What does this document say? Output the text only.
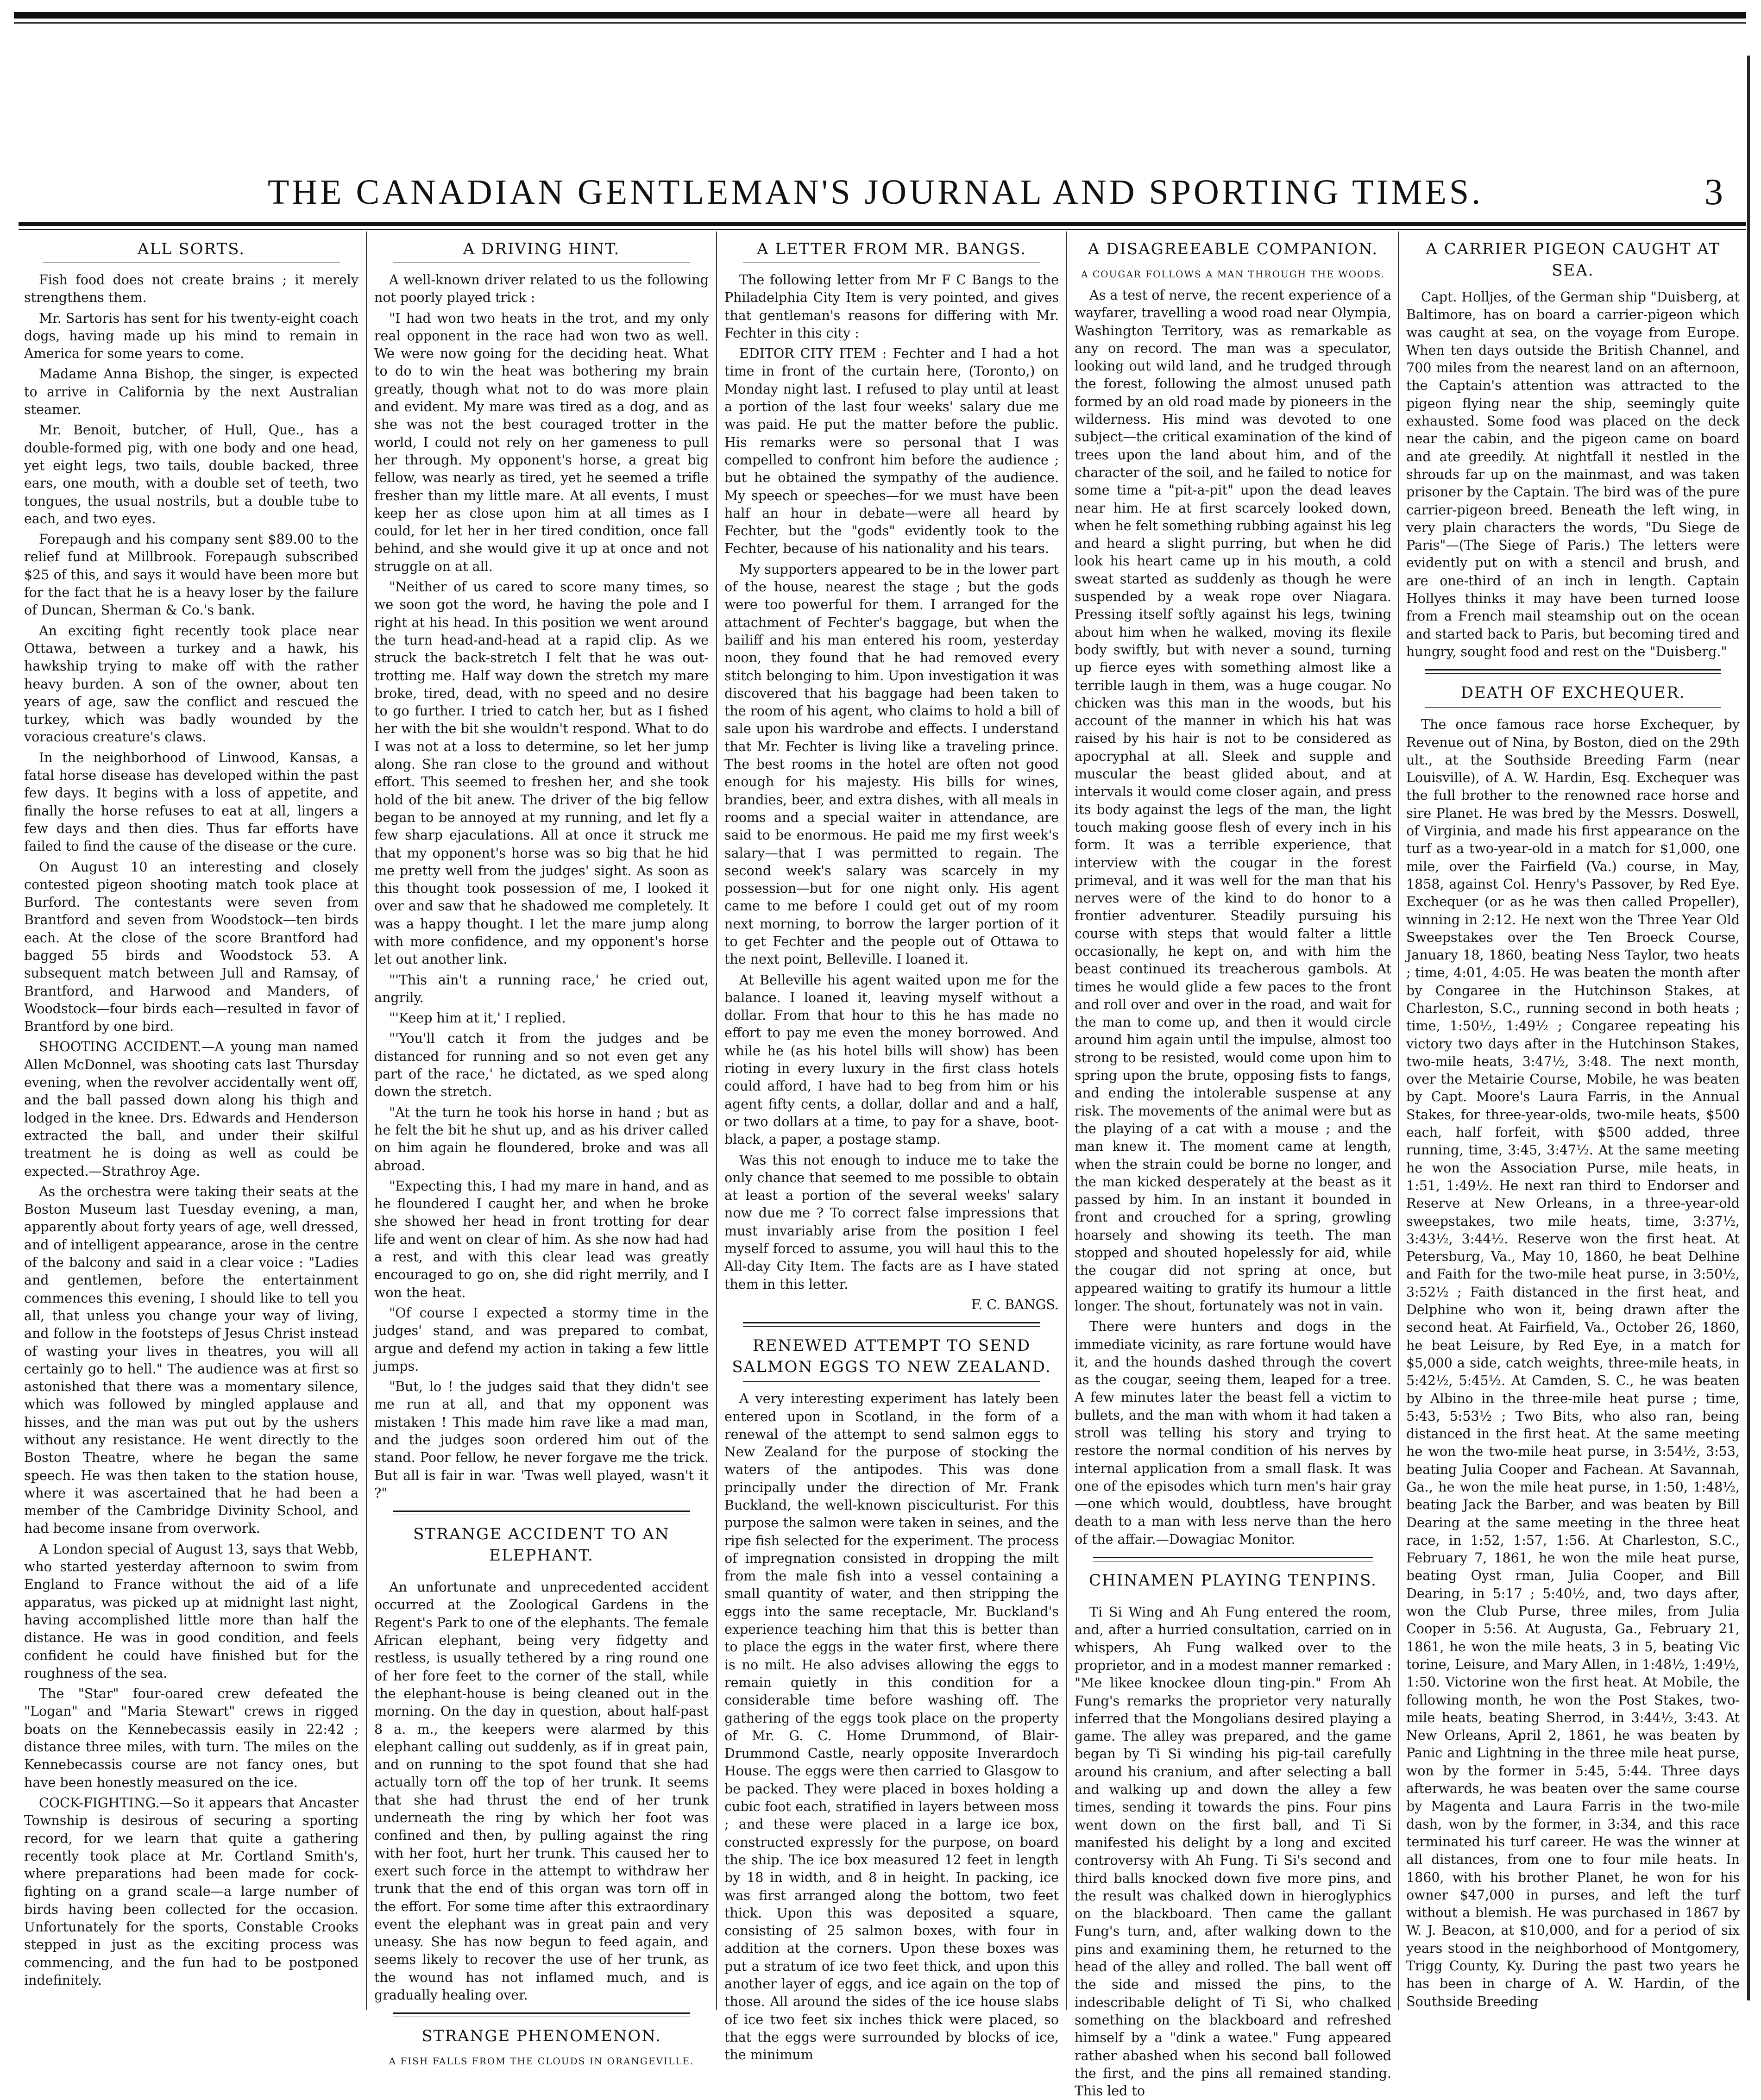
THE CANADIAN GENTLEMAN'S JOURNAL AND SPORTING TIMES.	3
ALL SORTS.

Fish food does not create brains ; it merely strengthens them.

Mr. Sartoris has sent for his twenty-eight coach dogs, having made up his mind to remain in America for some years to come.

Madame Anna Bishop, the singer, is expected to arrive in California by the next Australian steamer.

Mr. Benoit, butcher, of Hull, Que., has a double-formed pig, with one body and one head, yet eight legs, two tails, double backed, three ears, one mouth, with a double set of teeth, two tongues, the usual nostrils, but a double tube to each, and two eyes.

Forepaugh and his company sent $89.00 to the relief fund at Millbrook. Forepaugh subscribed $25 of this, and says it would have been more but for the fact that he is a heavy loser by the failure of Duncan, Sherman & Co.'s bank.

An exciting fight recently took place near Ottawa, between a turkey and a hawk, his hawkship trying to make off with the rather heavy burden. A son of the owner, about ten years of age, saw the conflict and rescued the turkey, which was badly wounded by the voracious creature's claws.

In the neighborhood of Linwood, Kansas, a fatal horse disease has developed within the past few days. It begins with a loss of appetite, and finally the horse refuses to eat at all, lingers a few days and then dies. Thus far efforts have failed to find the cause of the disease or the cure.

On August 10 an interesting and closely contested pigeon shooting match took place at Burford. The contestants were seven from Brantford and seven from Woodstock—ten birds each. At the close of the score Brantford had bagged 55 birds and Woodstock 53. A subsequent match between Jull and Ramsay, of Brantford, and Harwood and Manders, of Woodstock—four birds each—resulted in favor of Brantford by one bird.

SHOOTING ACCIDENT.—A young man named Allen McDonnel, was shooting cats last Thursday evening, when the revolver accidentally went off, and the ball passed down along his thigh and lodged in the knee. Drs. Edwards and Henderson extracted the ball, and under their skilful treatment he is doing as well as could be expected.—Strathroy Age.

As the orchestra were taking their seats at the Boston Museum last Tuesday evening, a man, apparently about forty years of age, well dressed, and of intelligent appearance, arose in the centre of the balcony and said in a clear voice : "Ladies and gentlemen, before the entertainment commences this evening, I should like to tell you all, that unless you change your way of living, and follow in the footsteps of Jesus Christ instead of wasting your lives in theatres, you will all certainly go to hell." The audience was at first so astonished that there was a momentary silence, which was followed by mingled applause and hisses, and the man was put out by the ushers without any resistance. He went directly to the Boston Theatre, where he began the same speech. He was then taken to the station house, where it was ascertained that he had been a member of the Cambridge Divinity School, and had become insane from overwork.

A London special of August 13, says that Webb, who started yesterday afternoon to swim from England to France without the aid of a life apparatus, was picked up at midnight last night, having accomplished little more than half the distance. He was in good condition, and feels confident he could have finished but for the roughness of the sea.

The "Star" four-oared crew defeated the "Logan" and "Maria Stewart" crews in rigged boats on the Kennebecassis easily in 22:42 ; distance three miles, with turn. The miles on the Kennebecassis course are not fancy ones, but have been honestly measured on the ice.

COCK-FIGHTING.—So it appears that Ancaster Township is desirous of securing a sporting record, for we learn that quite a gathering recently took place at Mr. Cortland Smith's, where preparations had been made for cock-fighting on a grand scale—a large number of birds having been collected for the occasion. Unfortunately for the sports, Constable Crooks stepped in just as the exciting process was commencing, and the fun had to be postponed indefinitely.

A DRIVING HINT.

A well-known driver related to us the following not poorly played trick :

"I had won two heats in the trot, and my only real opponent in the race had won two as well. We were now going for the deciding heat. What to do to win the heat was bothering my brain greatly, though what not to do was more plain and evident. My mare was tired as a dog, and as she was not the best couraged trotter in the world, I could not rely on her gameness to pull her through. My opponent's horse, a great big fellow, was nearly as tired, yet he seemed a trifle fresher than my little mare. At all events, I must keep her as close upon him at all times as I could, for let her in her tired condition, once fall behind, and she would give it up at once and not struggle on at all.

"Neither of us cared to score many times, so we soon got the word, he having the pole and I right at his head. In this position we went around the turn head-and-head at a rapid clip. As we struck the back-stretch I felt that he was out-trotting me. Half way down the stretch my mare broke, tired, dead, with no speed and no desire to go further. I tried to catch her, but as I fished her with the bit she wouldn't respond. What to do I was not at a loss to determine, so let her jump along. She ran close to the ground and without effort. This seemed to freshen her, and she took hold of the bit anew. The driver of the big fellow began to be annoyed at my running, and let fly a few sharp ejaculations. All at once it struck me that my opponent's horse was so big that he hid me pretty well from the judges' sight. As soon as this thought took possession of me, I looked it over and saw that he shadowed me completely. It was a happy thought. I let the mare jump along with more confidence, and my opponent's horse let out another link.

"'This ain't a running race,' he cried out, angrily.

"'Keep him at it,' I replied.

"'You'll catch it from the judges and be distanced for running and so not even get any part of the race,' he dictated, as we sped along down the stretch.

"At the turn he took his horse in hand ; but as he felt the bit he shut up, and as his driver called on him again he floundered, broke and was all abroad.

"Expecting this, I had my mare in hand, and as he floundered I caught her, and when he broke she showed her head in front trotting for dear life and went on clear of him. As she now had had a rest, and with this clear lead was greatly encouraged to go on, she did right merrily, and I won the heat.

"Of course I expected a stormy time in the judges' stand, and was prepared to combat, argue and defend my action in taking a few little jumps.

"But, lo ! the judges said that they didn't see me run at all, and that my opponent was mistaken ! This made him rave like a mad man, and the judges soon ordered him out of the stand. Poor fellow, he never forgave me the trick. But all is fair in war. 'Twas well played, wasn't it ?"

STRANGE ACCIDENT TO AN ELEPHANT.

An unfortunate and unprecedented accident occurred at the Zoological Gardens in the Regent's Park to one of the elephants. The female African elephant, being very fidgetty and restless, is usually tethered by a ring round one of her fore feet to the corner of the stall, while the elephant-house is being cleaned out in the morning. On the day in question, about half-past 8 a. m., the keepers were alarmed by this elephant calling out suddenly, as if in great pain, and on running to the spot found that she had actually torn off the top of her trunk. It seems that she had thrust the end of her trunk underneath the ring by which her foot was confined and then, by pulling against the ring with her foot, hurt her trunk. This caused her to exert such force in the attempt to withdraw her trunk that the end of this organ was torn off in the effort. For some time after this extraordinary event the elephant was in great pain and very uneasy. She has now begun to feed again, and seems likely to recover the use of her trunk, as the wound has not inflamed much, and is gradually healing over.

STRANGE PHENOMENON.
A FISH FALLS FROM THE CLOUDS IN ORANGEVILLE.
A LETTER FROM MR. BANGS.

The following letter from Mr F C Bangs to the Philadelphia City Item is very pointed, and gives that gentleman's reasons for differing with Mr. Fechter in this city :

EDITOR CITY ITEM : Fechter and I had a hot time in front of the curtain here, (Toronto,) on Monday night last. I refused to play until at least a portion of the last four weeks' salary due me was paid. He put the matter before the public. His remarks were so personal that I was compelled to confront him before the audience ; but he obtained the sympathy of the audience. My speech or speeches—for we must have been half an hour in debate—were all heard by Fechter, but the "gods" evidently took to the Fechter, because of his nationality and his tears.

My supporters appeared to be in the lower part of the house, nearest the stage ; but the gods were too powerful for them. I arranged for the attachment of Fechter's baggage, but when the bailiff and his man entered his room, yesterday noon, they found that he had removed every stitch belonging to him. Upon investigation it was discovered that his baggage had been taken to the room of his agent, who claims to hold a bill of sale upon his wardrobe and effects. I understand that Mr. Fechter is living like a traveling prince. The best rooms in the hotel are often not good enough for his majesty. His bills for wines, brandies, beer, and extra dishes, with all meals in rooms and a special waiter in attendance, are said to be enormous. He paid me my first week's salary—that I was permitted to regain. The second week's salary was scarcely in my possession—but for one night only. His agent came to me before I could get out of my room next morning, to borrow the larger portion of it to get Fechter and the people out of Ottawa to the next point, Belleville. I loaned it.

At Belleville his agent waited upon me for the balance. I loaned it, leaving myself without a dollar. From that hour to this he has made no effort to pay me even the money borrowed. And while he (as his hotel bills will show) has been rioting in every luxury in the first class hotels could afford, I have had to beg from him or his agent fifty cents, a dollar, dollar and and a half, or two dollars at a time, to pay for a shave, boot-black, a paper, a postage stamp.

Was this not enough to induce me to take the only chance that seemed to me possible to obtain at least a portion of the several weeks' salary now due me ? To correct false impressions that must invariably arise from the position I feel myself forced to assume, you will haul this to the All-day City Item. The facts are as I have stated them in this letter.

F. C. BANGS.

RENEWED ATTEMPT TO SEND SALMON EGGS TO NEW ZEALAND.

A very interesting experiment has lately been entered upon in Scotland, in the form of a renewal of the attempt to send salmon eggs to New Zealand for the purpose of stocking the waters of the antipodes. This was done principally under the direction of Mr. Frank Buckland, the well-known pisciculturist. For this purpose the salmon were taken in seines, and the ripe fish selected for the experiment. The process of impregnation consisted in dropping the milt from the male fish into a vessel containing a small quantity of water, and then stripping the eggs into the same receptacle, Mr. Buckland's experience teaching him that this is better than to place the eggs in the water first, where there is no milt. He also advises allowing the eggs to remain quietly in this condition for a considerable time before washing off. The gathering of the eggs took place on the property of Mr. G. C. Home Drummond, of Blair-Drummond Castle, nearly opposite Inverardoch House. The eggs were then carried to Glasgow to be packed. They were placed in boxes holding a cubic foot each, stratified in layers between moss ; and these were placed in a large ice box, constructed expressly for the purpose, on board the ship. The ice box measured 12 feet in length by 18 in width, and 8 in height. In packing, ice was first arranged along the bottom, two feet thick. Upon this was deposited a square, consisting of 25 salmon boxes, with four in addition at the corners. Upon these boxes was put a stratum of ice two feet thick, and upon this another layer of eggs, and ice again on the top of those. All around the sides of the ice house slabs of ice two feet six inches thick were placed, so that the eggs were surrounded by blocks of ice, the minimum

A DISAGREEABLE COMPANION.
A COUGAR FOLLOWS A MAN THROUGH THE WOODS.

As a test of nerve, the recent experience of a wayfarer, travelling a wood road near Olympia, Washington Territory, was as remarkable as any on record. The man was a speculator, looking out wild land, and he trudged through the forest, following the almost unused path formed by an old road made by pioneers in the wilderness. His mind was devoted to one subject—the critical examination of the kind of trees upon the land about him, and of the character of the soil, and he failed to notice for some time a "pit-a-pit" upon the dead leaves near him. He at first scarcely looked down, when he felt something rubbing against his leg and heard a slight purring, but when he did look his heart came up in his mouth, a cold sweat started as suddenly as though he were suspended by a weak rope over Niagara. Pressing itself softly against his legs, twining about him when he walked, moving its flexile body swiftly, but with never a sound, turning up fierce eyes with something almost like a terrible laugh in them, was a huge cougar. No chicken was this man in the woods, but his account of the manner in which his hat was raised by his hair is not to be considered as apocryphal at all. Sleek and supple and muscular the beast glided about, and at intervals it would come closer again, and press its body against the legs of the man, the light touch making goose flesh of every inch in his form. It was a terrible experience, that interview with the cougar in the forest primeval, and it was well for the man that his nerves were of the kind to do honor to a frontier adventurer. Steadily pursuing his course with steps that would falter a little occasionally, he kept on, and with him the beast continued its treacherous gambols. At times he would glide a few paces to the front and roll over and over in the road, and wait for the man to come up, and then it would circle around him again until the impulse, almost too strong to be resisted, would come upon him to spring upon the brute, opposing fists to fangs, and ending the intolerable suspense at any risk. The movements of the animal were but as the playing of a cat with a mouse ; and the man knew it. The moment came at length, when the strain could be borne no longer, and the man kicked desperately at the beast as it passed by him. In an instant it bounded in front and crouched for a spring, growling hoarsely and showing its teeth. The man stopped and shouted hopelessly for aid, while the cougar did not spring at once, but appeared waiting to gratify its humour a little longer. The shout, fortunately was not in vain.

There were hunters and dogs in the immediate vicinity, as rare fortune would have it, and the hounds dashed through the covert as the cougar, seeing them, leaped for a tree. A few minutes later the beast fell a victim to bullets, and the man with whom it had taken a stroll was telling his story and trying to restore the normal condition of his nerves by internal application from a small flask. It was one of the episodes which turn men's hair gray—one which would, doubtless, have brought death to a man with less nerve than the hero of the affair.—Dowagiac Monitor.

CHINAMEN PLAYING TENPINS.

Ti Si Wing and Ah Fung entered the room, and, after a hurried consultation, carried on in whispers, Ah Fung walked over to the proprietor, and in a modest manner remarked : "Me likee knockee dloun ting-pin." From Ah Fung's remarks the proprietor very naturally inferred that the Mongolians desired playing a game. The alley was prepared, and the game began by Ti Si winding his pig-tail carefully around his cranium, and after selecting a ball and walking up and down the alley a few times, sending it towards the pins. Four pins went down on the first ball, and Ti Si manifested his delight by a long and excited controversy with Ah Fung. Ti Si's second and third balls knocked down five more pins, and the result was chalked down in hieroglyphics on the blackboard. Then came the gallant Fung's turn, and, after walking down to the pins and examining them, he returned to the head of the alley and rolled. The ball went off the side and missed the pins, to the indescribable delight of Ti Si, who chalked something on the blackboard and refreshed himself by a "dink a watee." Fung appeared rather abashed when his second ball followed the first, and the pins all remained standing. This led to

A CARRIER PIGEON CAUGHT AT SEA.

Capt. Holljes, of the German ship "Duisberg, at Baltimore, has on board a carrier-pigeon which was caught at sea, on the voyage from Europe. When ten days outside the British Channel, and 700 miles from the nearest land on an afternoon, the Captain's attention was attracted to the pigeon flying near the ship, seemingly quite exhausted. Some food was placed on the deck near the cabin, and the pigeon came on board and ate greedily. At nightfall it nestled in the shrouds far up on the mainmast, and was taken prisoner by the Captain. The bird was of the pure carrier-pigeon breed. Beneath the left wing, in very plain characters the words, "Du Siege de Paris"—(The Siege of Paris.) The letters were evidently put on with a stencil and brush, and are one-third of an inch in length. Captain Hollyes thinks it may have been turned loose from a French mail steamship out on the ocean and started back to Paris, but becoming tired and hungry, sought food and rest on the "Duisberg."

DEATH OF EXCHEQUER.

The once famous race horse Exchequer, by Revenue out of Nina, by Boston, died on the 29th ult., at the Southside Breeding Farm (near Louisville), of A. W. Hardin, Esq. Exchequer was the full brother to the renowned race horse and sire Planet. He was bred by the Messrs. Doswell, of Virginia, and made his first appearance on the turf as a two-year-old in a match for $1,000, one mile, over the Fairfield (Va.) course, in May, 1858, against Col. Henry's Passover, by Red Eye. Exchequer (or as he was then called Propeller), winning in 2:12. He next won the Three Year Old Sweepstakes over the Ten Broeck Course, January 18, 1860, beating Ness Taylor, two heats ; time, 4:01, 4:05. He was beaten the month after by Congaree in the Hutchinson Stakes, at Charleston, S.C., running second in both heats ; time, 1:50½, 1:49½ ; Congaree repeating his victory two days after in the Hutchinson Stakes, two-mile heats, 3:47½, 3:48. The next month, over the Metairie Course, Mobile, he was beaten by Capt. Moore's Laura Farris, in the Annual Stakes, for three-year-olds, two-mile heats, $500 each, half forfeit, with $500 added, three running, time, 3:45, 3:47½. At the same meeting he won the Association Purse, mile heats, in 1:51, 1:49½. He next ran third to Endorser and Reserve at New Orleans, in a three-year-old sweepstakes, two mile heats, time, 3:37½, 3:43½, 3:44½. Reserve won the first heat. At Petersburg, Va., May 10, 1860, he beat Delhine and Faith for the two-mile heat purse, in 3:50½, 3:52½ ; Faith distanced in the first heat, and Delphine who won it, being drawn after the second heat. At Fairfield, Va., October 26, 1860, he beat Leisure, by Red Eye, in a match for $5,000 a side, catch weights, three-mile heats, in 5:42½, 5:45½. At Camden, S. C., he was beaten by Albino in the three-mile heat purse ; time, 5:43, 5:53½ ; Two Bits, who also ran, being distanced in the first heat. At the same meeting he won the two-mile heat purse, in 3:54½, 3:53, beating Julia Cooper and Fachean. At Savannah, Ga., he won the mile heat purse, in 1:50, 1:48½, beating Jack the Barber, and was beaten by Bill Dearing at the same meeting in the three heat race, in 1:52, 1:57, 1:56. At Charleston, S.C., February 7, 1861, he won the mile heat purse, beating Oyst rman, Julia Cooper, and Bill Dearing, in 5:17 ; 5:40½, and, two days after, won the Club Purse, three miles, from Julia Cooper in 5:56. At Augusta, Ga., February 21, 1861, he won the mile heats, 3 in 5, beating Vic torine, Leisure, and Mary Allen, in 1:48½, 1:49½, 1:50. Victorine won the first heat. At Mobile, the following month, he won the Post Stakes, two-mile heats, beating Sherrod, in 3:44½, 3:43. At New Orleans, April 2, 1861, he was beaten by Panic and Lightning in the three mile heat purse, won by the former in 5:45, 5:44. Three days afterwards, he was beaten over the same course by Magenta and Laura Farris in the two-mile dash, won by the former, in 3:34, and this race terminated his turf career. He was the winner at all distances, from one to four mile heats. In 1860, with his brother Planet, he won for his owner $47,000 in purses, and left the turf without a blemish. He was purchased in 1867 by W. J. Beacon, at $10,000, and for a period of six years stood in the neighborhood of Montgomery, Trigg County, Ky. During the past two years he has been in charge of A. W. Hardin, of the Southside Breeding
